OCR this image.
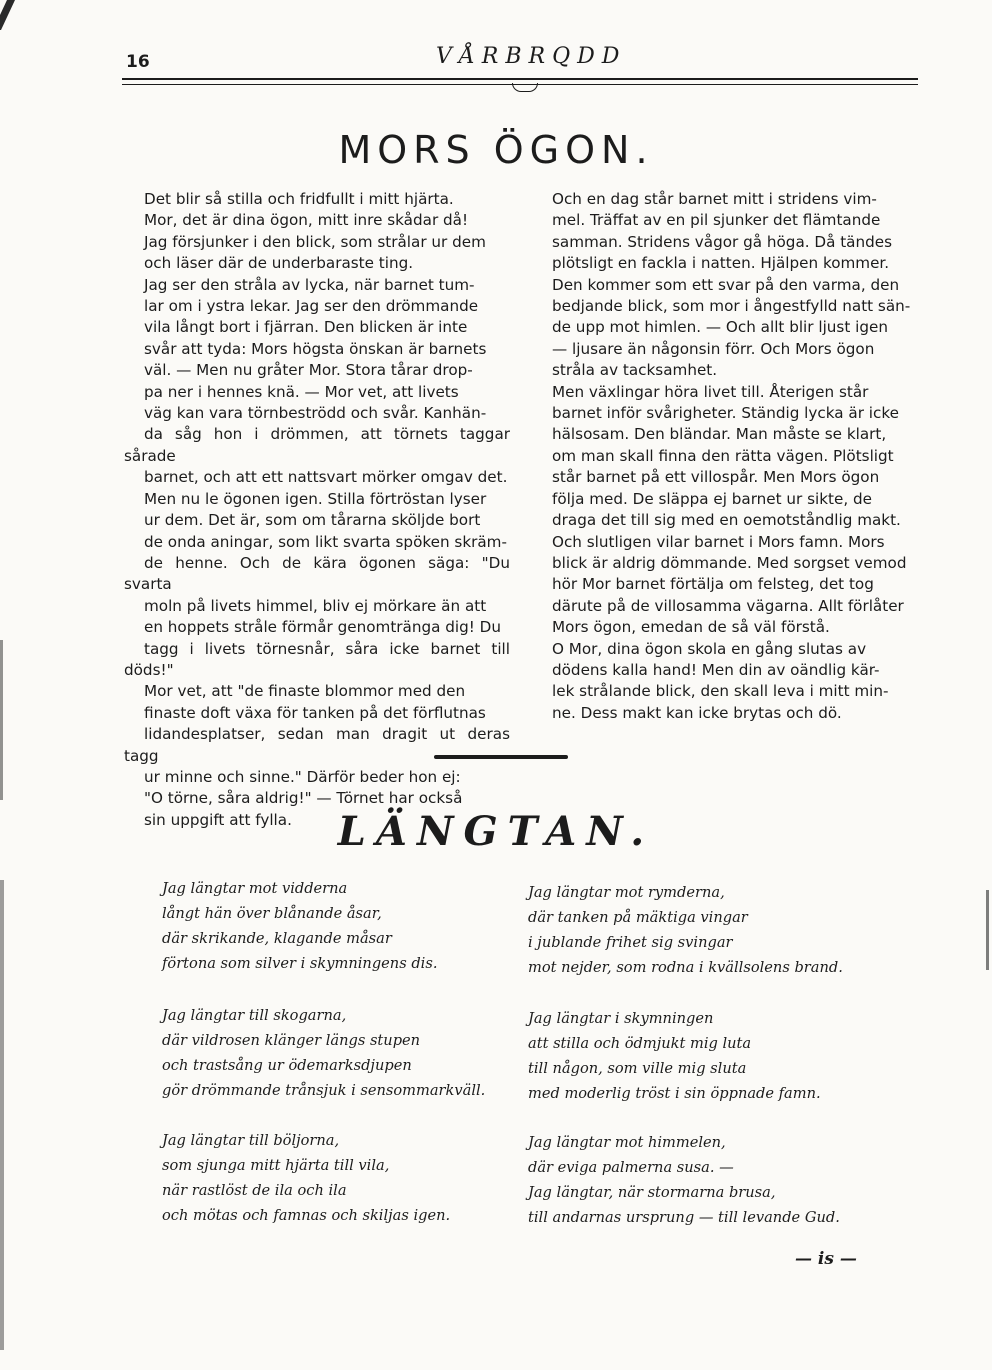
16	VÅRBRQDD
MORS ÖGON.

Det blir så stilla och fridfullt i mitt hjärta.
Mor, det är dina ögon, mitt inre skådar då!
Jag försjunker i den blick, som strålar ur dem
och läser där de underbaraste ting.

Jag ser den stråla av lycka, när barnet tum-
lar om i ystra lekar. Jag ser den drömmande
vila långt bort i fjärran. Den blicken är inte
svår att tyda: Mors högsta önskan är barnets
väl. — Men nu gråter Mor. Stora tårar drop-
pa ner i hennes knä. — Mor vet, att livets
väg kan vara törnbeströdd och svår. Kanhän-
da såg hon i drömmen, att törnets taggar sårade
barnet, och att ett nattsvart mörker omgav det.
Men nu le ögonen igen. Stilla förtröstan lyser
ur dem. Det är, som om tårarna sköljde bort
de onda aningar, som likt svarta spöken skräm-
de henne. Och de kära ögonen säga: "Du svarta
moln på livets himmel, bliv ej mörkare än att
en hoppets stråle förmår genomtränga dig! Du
tagg i livets törnesnår, såra icke barnet till döds!"

Mor vet, att "de finaste blommor med den
finaste doft växa för tanken på det förflutnas
lidandesplatser, sedan man dragit ut deras tagg
ur minne och sinne." Därför beder hon ej:
"O törne, såra aldrig!" — Törnet har också
sin uppgift att fylla.

Och en dag står barnet mitt i stridens vim-
mel. Träffat av en pil sjunker det flämtande
samman. Stridens vågor gå höga. Då tändes
plötsligt en fackla i natten. Hjälpen kommer.
Den kommer som ett svar på den varma, den
bedjande blick, som mor i ångestfylld natt sän-
de upp mot himlen. — Och allt blir ljust igen
— ljusare än någonsin förr. Och Mors ögon
stråla av tacksamhet.

Men växlingar höra livet till. Återigen står
barnet inför svårigheter. Ständig lycka är icke
hälsosam. Den bländar. Man måste se klart,
om man skall finna den rätta vägen. Plötsligt
står barnet på ett villospår. Men Mors ögon
följa med. De släppa ej barnet ur sikte, de
draga det till sig med en oemotståndlig makt.
Och slutligen vilar barnet i Mors famn. Mors
blick är aldrig dömmande. Med sorgset vemod
hör Mor barnet förtälja om felsteg, det tog
därute på de villosamma vägarna. Allt förlåter
Mors ögon, emedan de så väl förstå.

O Mor, dina ögon skola en gång slutas av
dödens kalla hand! Men din av oändlig kär-
lek strålande blick, den skall leva i mitt min-
ne. Dess makt kan icke brytas och dö.

LÄNGTAN.
Jag längtar mot vidderna
långt hän över blånande åsar,
där skrikande, klagande måsar
förtona som silver i skymningens dis.
Jag längtar mot rymderna,
där tanken på mäktiga vingar
i jublande frihet sig svingar
mot nejder, som rodna i kvällsolens brand.
Jag längtar till skogarna,
där vildrosen klänger längs stupen
och trastsång ur ödemarksdjupen
gör drömmande trånsjuk i sensommarkväll.
Jag längtar i skymningen
att stilla och ödmjukt mig luta
till någon, som ville mig sluta
med moderlig tröst i sin öppnade famn.
Jag längtar till böljorna,
som sjunga mitt hjärta till vila,
när rastlöst de ila och ila
och mötas och famnas och skiljas igen.
Jag längtar mot himmelen,
där eviga palmerna susa. —
Jag längtar, när stormarna brusa,
till andarnas ursprung — till levande Gud.
— is —
